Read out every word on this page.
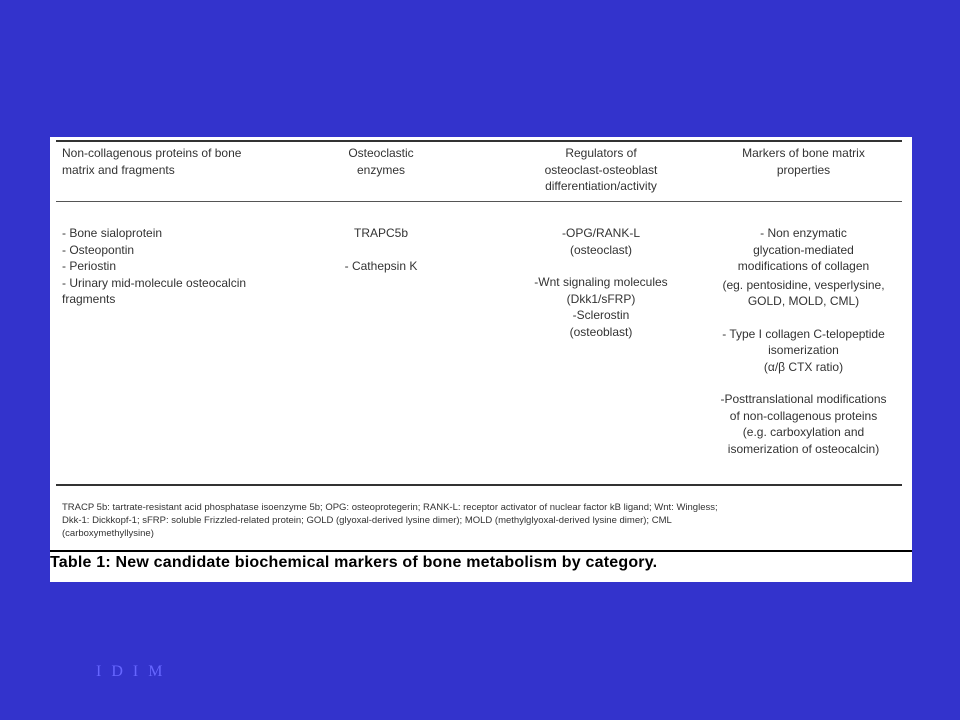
Non-collagenous proteins of bone
matrix and fragments
Osteoclastic
enzymes
Regulators of
osteoclast-osteoblast
differentiation/activity
Markers of bone matrix
properties
- Bone sialoprotein
- Osteopontin
- Periostin
- Urinary mid-molecule osteocalcin
fragments
TRAPC5b
- Cathepsin K
-OPG/RANK-L
(osteoclast)
-Wnt signaling molecules
(Dkk1/sFRP)
-Sclerostin
(osteoblast)
- Non enzymatic
glycation-mediated
modifications of collagen
(eg. pentosidine, vesperlysine,
GOLD, MOLD, CML)
- Type I collagen C-telopeptide
isomerization
(α/β CTX ratio)
-Posttranslational modifications
of non-collagenous proteins
(e.g. carboxylation and
isomerization of osteocalcin)
TRACP 5b: tartrate-resistant acid phosphatase isoenzyme 5b; OPG: osteoprotegerin; RANK-L: receptor activator of nuclear factor kB ligand; Wnt: Wingless;
Dkk-1: Dickkopf-1; sFRP: soluble Frizzled-related protein; GOLD (glyoxal-derived lysine dimer); MOLD (methylglyoxal-derived lysine dimer); CML
(carboxymethyllysine)
Table 1: New candidate biochemical markers of bone metabolism by category.
I D I M
